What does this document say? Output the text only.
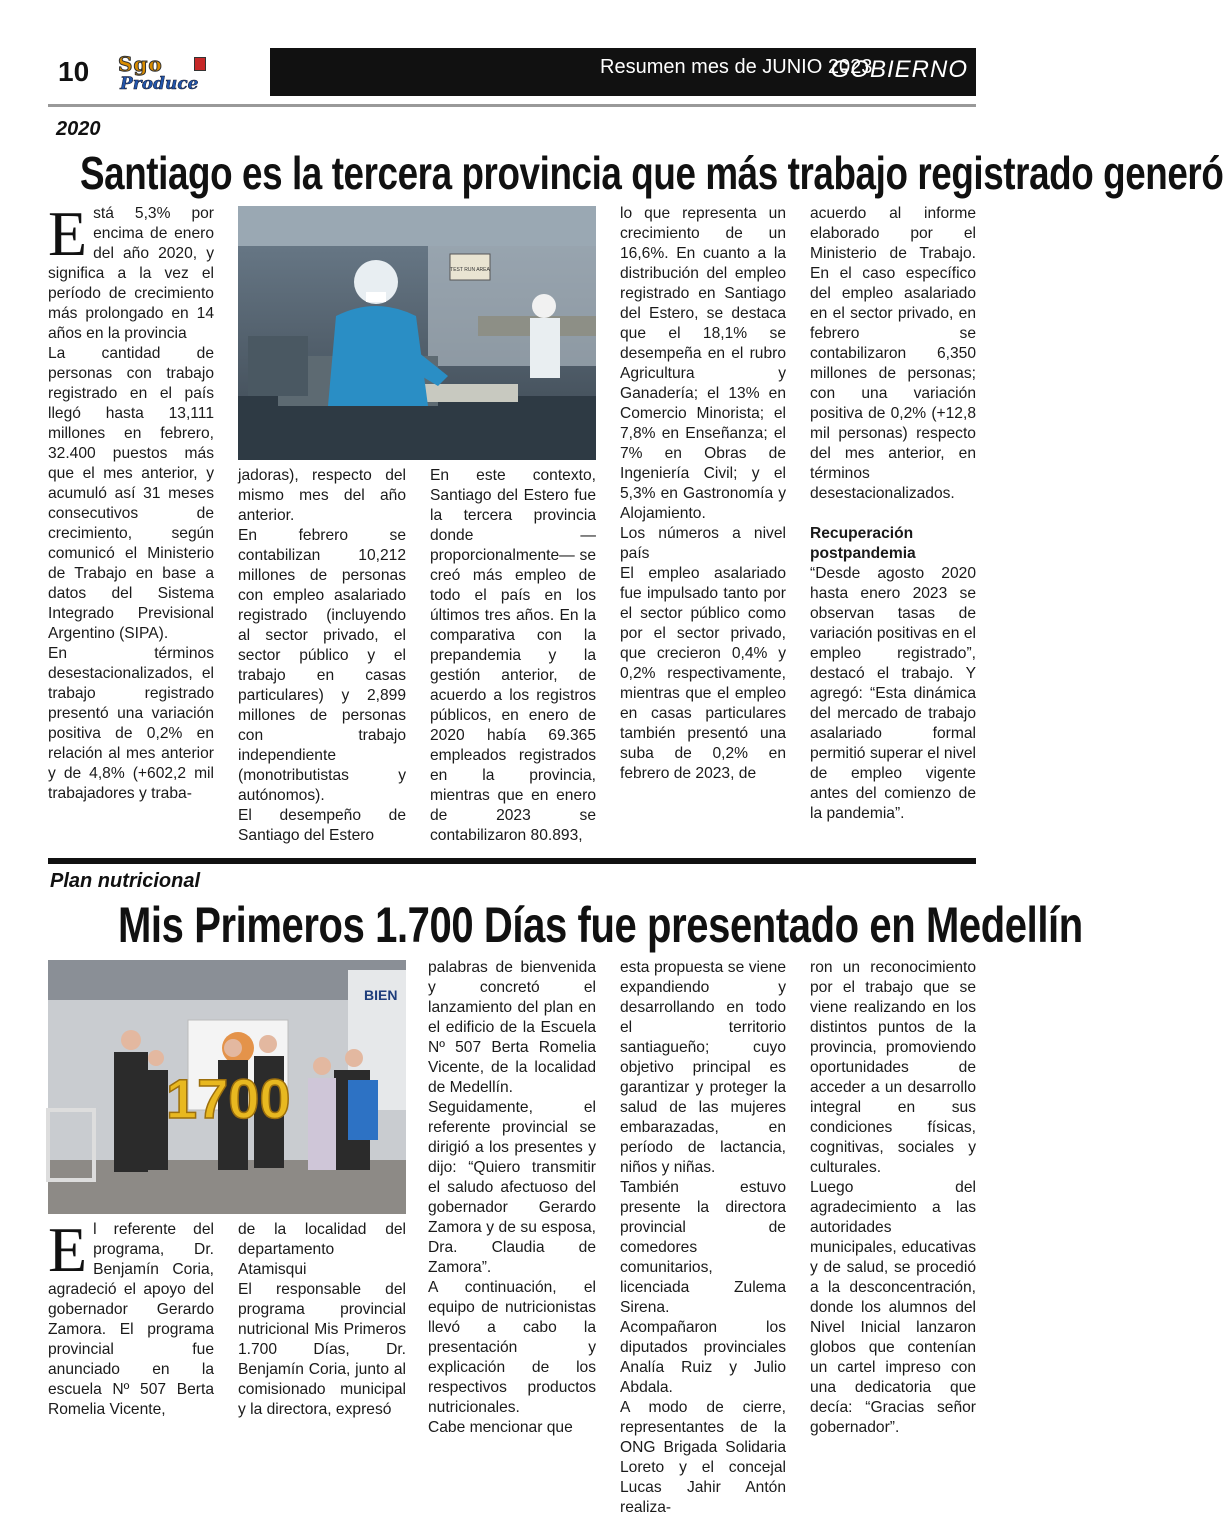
10 Sgo
Produce
Resumen mes de JUNIO 2023
GOBIERNO
2020
Santiago es la tercera provincia que más trabajo registrado generó
E stá 5,3% por encima de enero del año 2020, y significa a la vez el período de crecimiento más prolongado en 14 años en la provincia

La cantidad de personas con trabajo registrado en el país llegó hasta 13,111 millones en febrero, 32.400 puestos más que el mes anterior, y acumuló así 31 meses consecutivos de crecimiento, según comunicó el Ministerio de Trabajo en base a datos del Sistema Integrado Previsional Argentino (SIPA).

En términos desestacionalizados, el trabajo registrado presentó una variación positiva de 0,2% en relación al mes anterior y de 4,8% (+602,2 mil trabajadores y traba-

TEST RUN AREA

jadoras), respecto del mismo mes del año anterior.

En febrero se contabilizan 10,212 millones de personas con empleo asalariado registrado (incluyendo al sector privado, el sector público y el trabajo en casas particulares) y 2,899 millones de personas con trabajo independiente (monotributistas y autónomos).

El desempeño de Santiago del Estero

En este contexto, Santiago del Estero fue la tercera provincia donde —proporcionalmente— se creó más empleo de todo el país en los últimos tres años. En la comparativa con la prepandemia y la gestión anterior, de acuerdo a los registros públicos, en enero de 2020 había 69.365 empleados registrados en la provincia, mientras que en enero de 2023 se contabilizaron 80.893,

lo que representa un crecimiento de un 16,6%. En cuanto a la distribución del empleo registrado en Santiago del Estero, se destaca que el 18,1% se desempeña en el rubro Agricultura y Ganadería; el 13% en Comercio Minorista; el 7,8% en Enseñanza; el 7% en Obras de Ingeniería Civil; y el 5,3% en Gastronomía y Alojamiento.

Los números a nivel país

El empleo asalariado fue impulsado tanto por el sector público como por el sector privado, que crecieron 0,4% y 0,2% respectivamente, mientras que el empleo en casas particulares también presentó una suba de 0,2% en febrero de 2023, de

acuerdo al informe elaborado por el Ministerio de Trabajo. En el caso específico del empleo asalariado en el sector privado, en febrero se contabilizaron 6,350 millones de personas; con una variación positiva de 0,2% (+12,8 mil personas) respecto del mes anterior, en términos desestacionalizados.

Recuperación postpandemia

“Desde agosto 2020 hasta enero 2023 se observan tasas de variación positivas en el empleo registrado”, destacó el trabajo. Y agregó: “Esta dinámica del mercado de trabajo asalariado formal permitió superar el nivel de empleo vigente antes del comienzo de la pandemia”.

Plan nutricional
Mis Primeros 1.700 Días fue presentado en Medellín
BIEN
1700
E l referente del programa, Dr. Benjamín Coria, agradeció el apoyo del gobernador Gerardo Zamora. El programa provincial fue anunciado en la escuela Nº 507 Berta Romelia Vicente,

de la localidad del departamento Atamisqui

El responsable del programa provincial nutricional Mis Primeros 1.700 Días, Dr. Benjamín Coria, junto al comisionado municipal y la directora, expresó

palabras de bienvenida y concretó el lanzamiento del plan en el edificio de la Escuela Nº 507 Berta Romelia Vicente, de la localidad de Medellín.

Seguidamente, el referente provincial se dirigió a los presentes y dijo: “Quiero transmitir el saludo afectuoso del gobernador Gerardo Zamora y de su esposa, Dra. Claudia de Zamora”.

A continuación, el equipo de nutricionistas llevó a cabo la presentación y explicación de los respectivos productos nutricionales.

Cabe mencionar que

esta propuesta se viene expandiendo y desarrollando en todo el territorio santiagueño; cuyo objetivo principal es garantizar y proteger la salud de las mujeres embarazadas, en período de lactancia, niños y niñas.

También estuvo presente la directora provincial de comedores comunitarios, licenciada Zulema Sirena.

Acompañaron los diputados provinciales Analía Ruiz y Julio Abdala.

A modo de cierre, representantes de la ONG Brigada Solidaria Loreto y el concejal Lucas Jahir Antón realiza-

ron un reconocimiento por el trabajo que se viene realizando en los distintos puntos de la provincia, promoviendo oportunidades de acceder a un desarrollo integral en sus condiciones físicas, cognitivas, sociales y culturales.

Luego del agradecimiento a las autoridades municipales, educativas y de salud, se procedió a la desconcentración, donde los alumnos del Nivel Inicial lanzaron globos que contenían un cartel impreso con una dedicatoria que decía: “Gracias señor gobernador”.
